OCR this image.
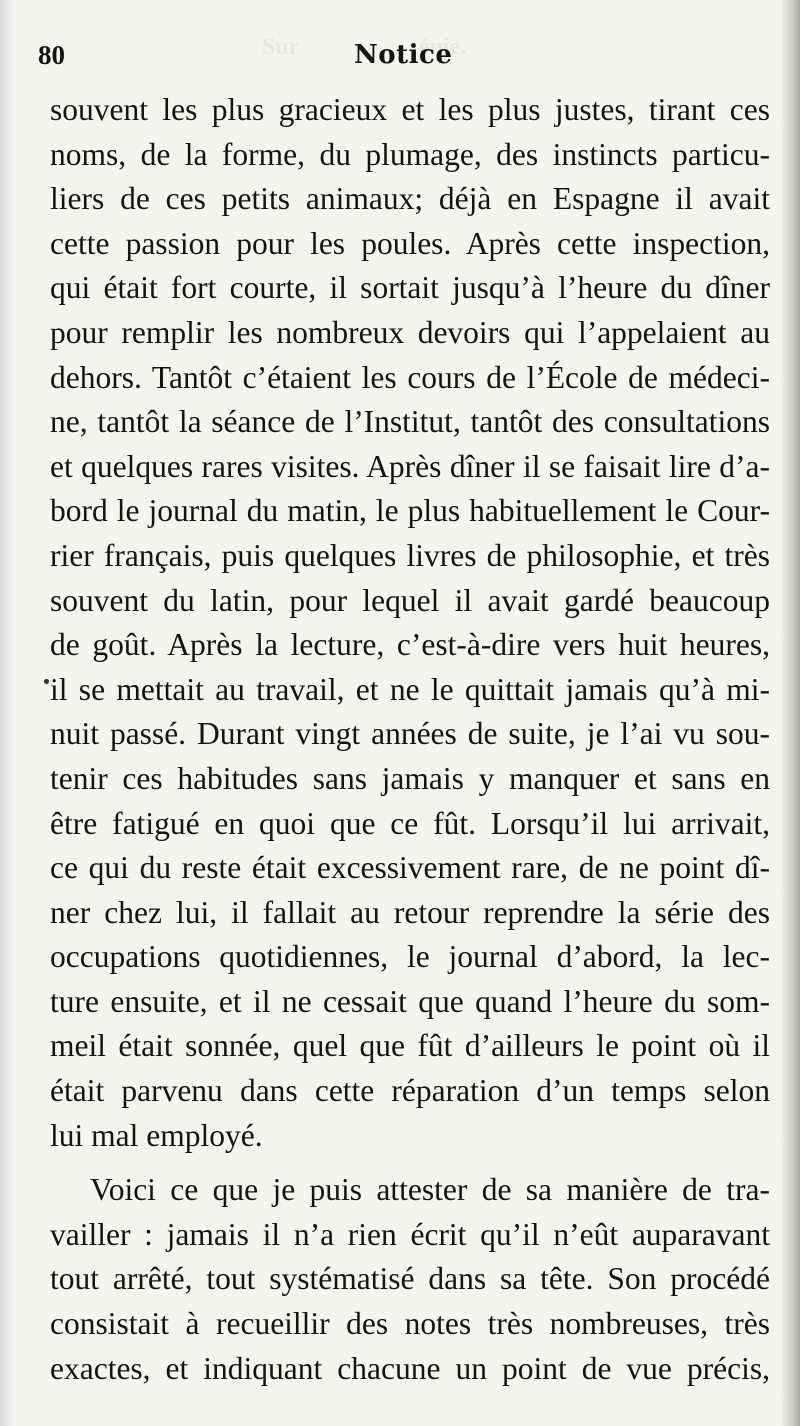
Sur énie.
80	Notice
souvent les plus gracieux et les plus justes, tirant ces
noms, de la forme, du plumage, des instincts particu-
liers de ces petits animaux; déjà en Espagne il avait
cette passion pour les poules. Après cette inspection,
qui était fort courte, il sortait jusqu’à l’heure du dîner
pour remplir les nombreux devoirs qui l’appelaient au
dehors. Tantôt c’étaient les cours de l’École de médeci-
ne, tantôt la séance de l’Institut, tantôt des consultations
et quelques rares visites. Après dîner il se faisait lire d’a-
bord le journal du matin, le plus habituellement le Cour-
rier français, puis quelques livres de philosophie, et très
souvent du latin, pour lequel il avait gardé beaucoup
de goût. Après la lecture, c’est-à-dire vers huit heures,
il se mettait au travail, et ne le quittait jamais qu’à mi-
nuit passé. Durant vingt années de suite, je l’ai vu sou-
tenir ces habitudes sans jamais y manquer et sans en
être fatigué en quoi que ce fût. Lorsqu’il lui arrivait,
ce qui du reste était excessivement rare, de ne point dî-
ner chez lui, il fallait au retour reprendre la série des
occupations quotidiennes, le journal d’abord, la lec-
ture ensuite, et il ne cessait que quand l’heure du som-
meil était sonnée, quel que fût d’ailleurs le point où il
était parvenu dans cette réparation d’un temps selon
lui mal employé.
Voici ce que je puis attester de sa manière de tra-
vailler : jamais il n’a rien écrit qu’il n’eût auparavant
tout arrêté, tout systématisé dans sa tête. Son procédé
consistait à recueillir des notes très nombreuses, très
exactes, et indiquant chacune un point de vue précis,
